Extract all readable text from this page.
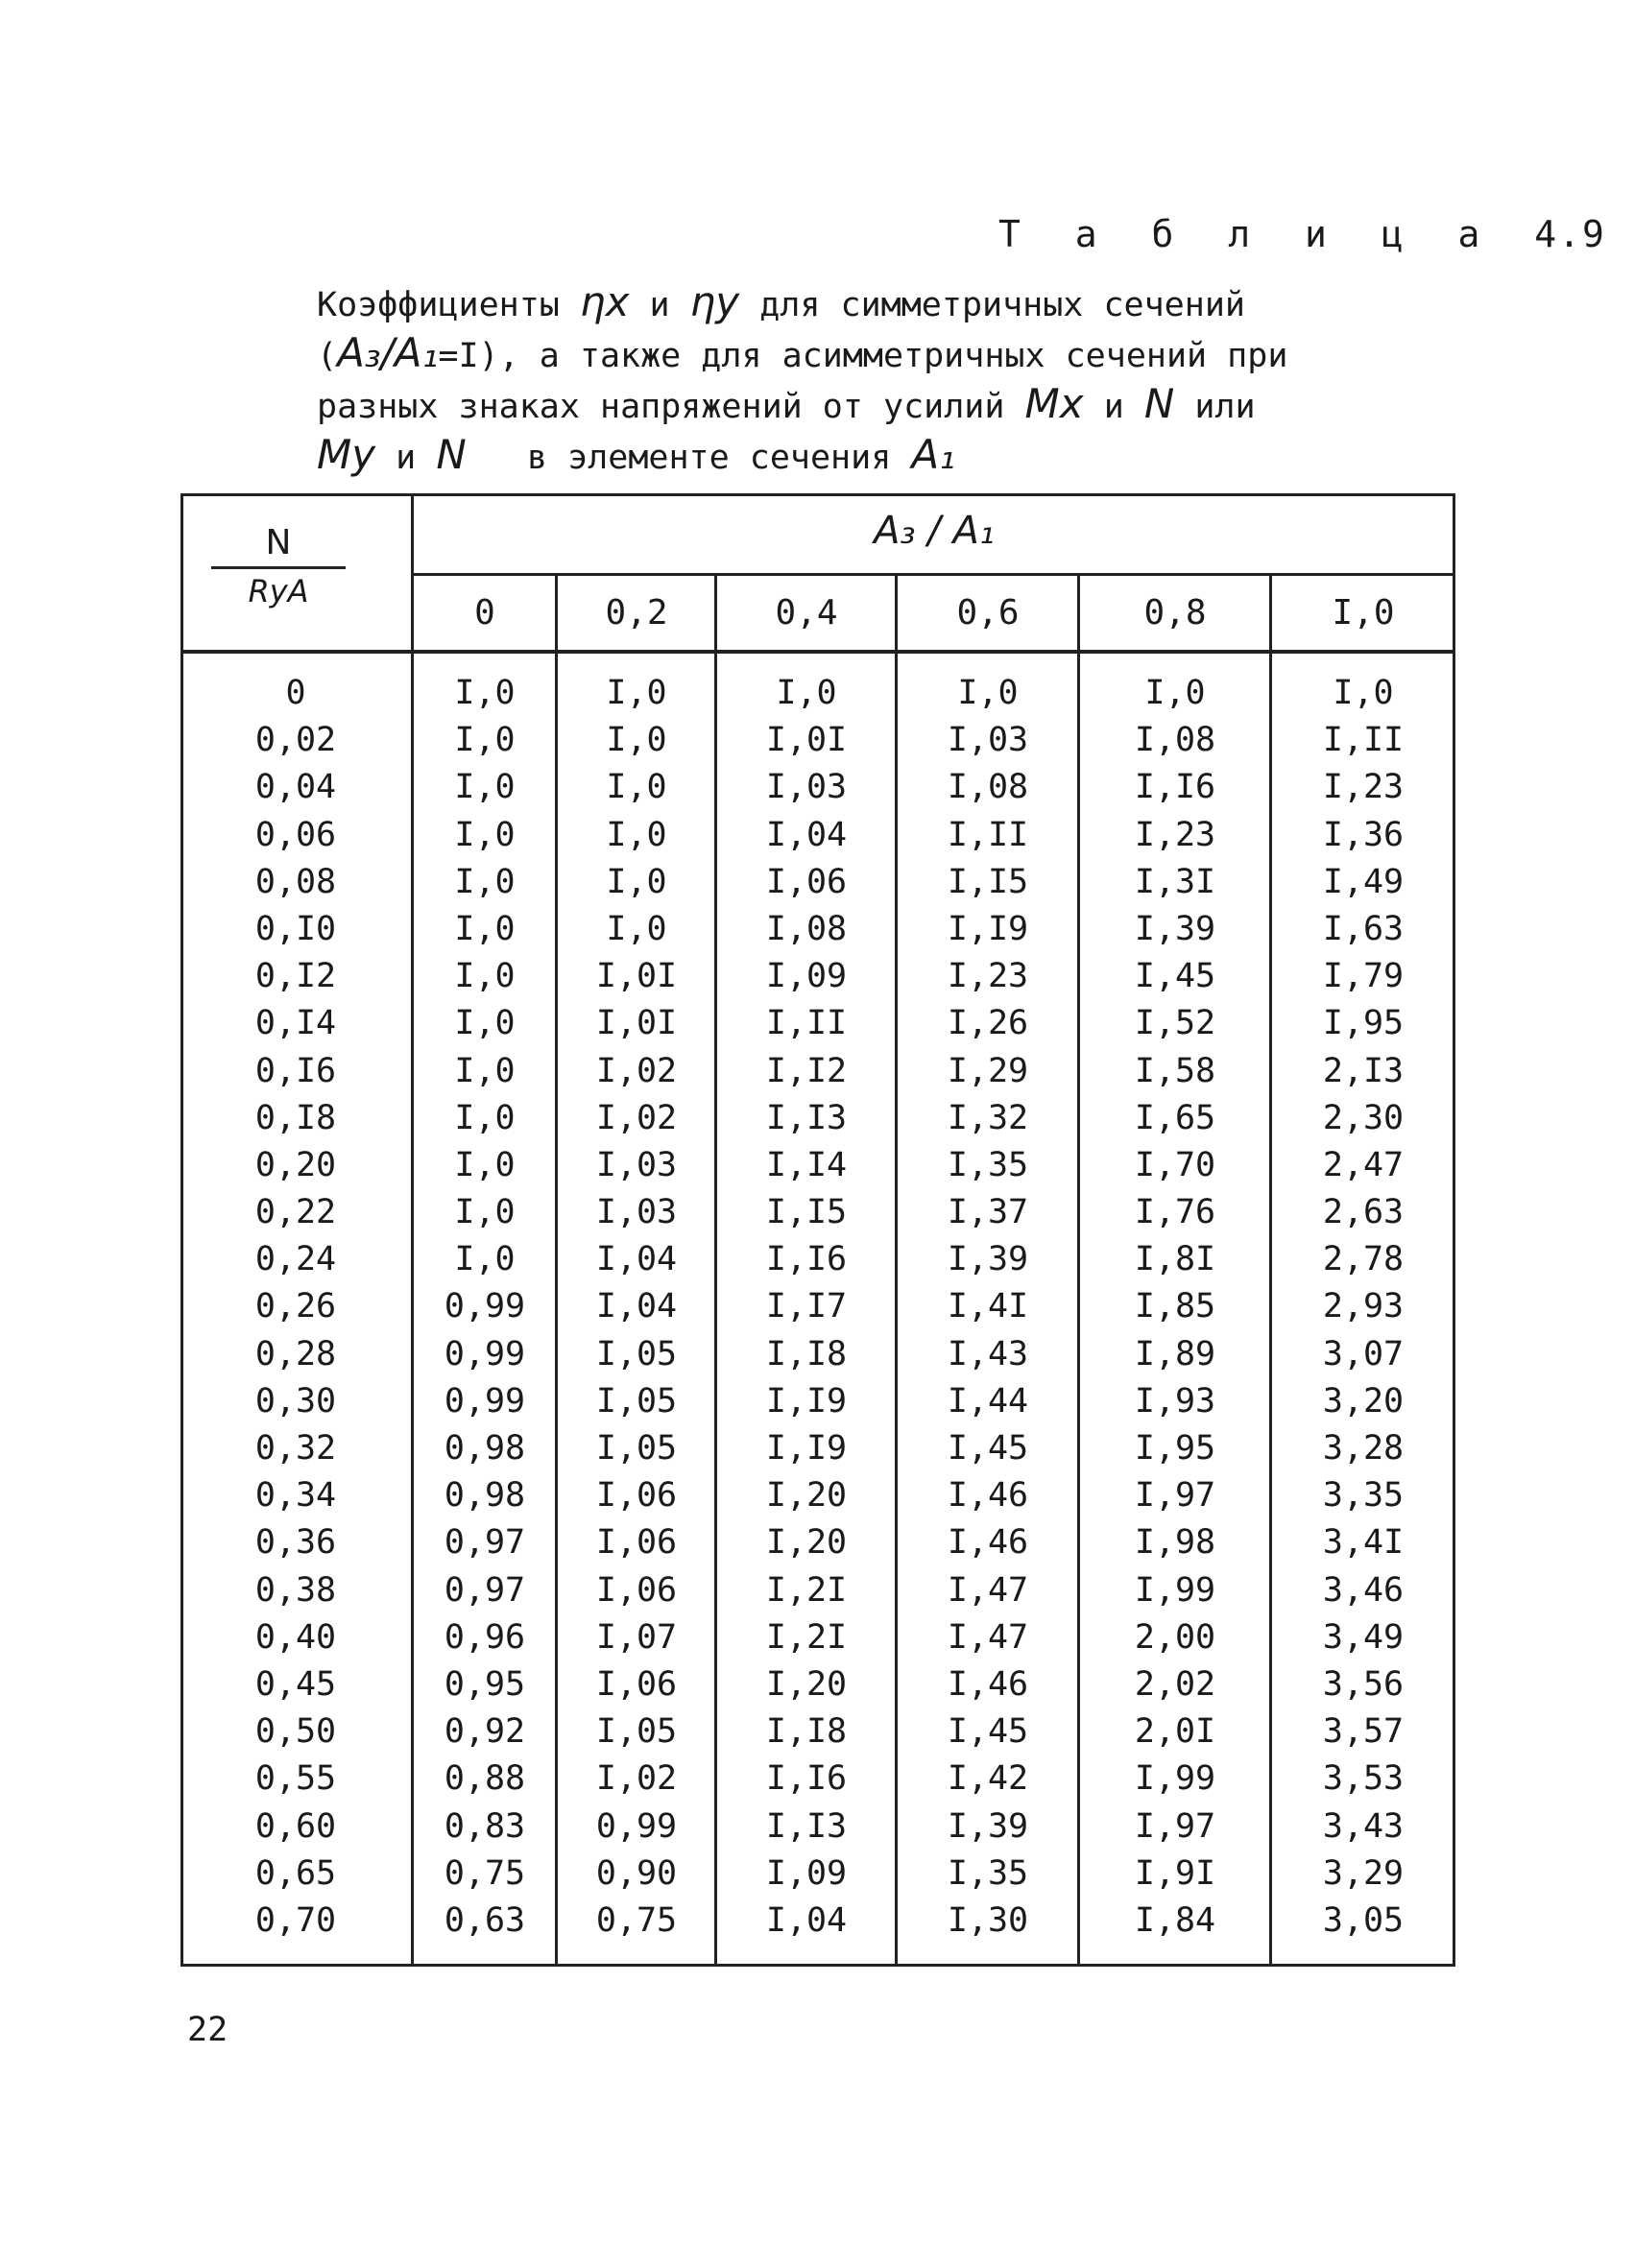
Т а б л и ц а 4.9
Коэффициенты ηx и ηy для симметричных сечений
(A₃/A₁=I), а также для асимметричных сечений при
разных знаках напряжений от усилий Mx и N или
My и N в элементе сечения A₁
N
RyA
A₃ / A₁
0	0,2	0,4	0,6	0,8	I,0
0	I,0	I,0	I,0	I,0	I,0	I,0
0,02	I,0	I,0	I,0I	I,03	I,08	I,II
0,04	I,0	I,0	I,03	I,08	I,I6	I,23
0,06	I,0	I,0	I,04	I,II	I,23	I,36
0,08	I,0	I,0	I,06	I,I5	I,3I	I,49
0,I0	I,0	I,0	I,08	I,I9	I,39	I,63
0,I2	I,0	I,0I	I,09	I,23	I,45	I,79
0,I4	I,0	I,0I	I,II	I,26	I,52	I,95
0,I6	I,0	I,02	I,I2	I,29	I,58	2,I3
0,I8	I,0	I,02	I,I3	I,32	I,65	2,30
0,20	I,0	I,03	I,I4	I,35	I,70	2,47
0,22	I,0	I,03	I,I5	I,37	I,76	2,63
0,24	I,0	I,04	I,I6	I,39	I,8I	2,78
0,26	0,99	I,04	I,I7	I,4I	I,85	2,93
0,28	0,99	I,05	I,I8	I,43	I,89	3,07
0,30	0,99	I,05	I,I9	I,44	I,93	3,20
0,32	0,98	I,05	I,I9	I,45	I,95	3,28
0,34	0,98	I,06	I,20	I,46	I,97	3,35
0,36	0,97	I,06	I,20	I,46	I,98	3,4I
0,38	0,97	I,06	I,2I	I,47	I,99	3,46
0,40	0,96	I,07	I,2I	I,47	2,00	3,49
0,45	0,95	I,06	I,20	I,46	2,02	3,56
0,50	0,92	I,05	I,I8	I,45	2,0I	3,57
0,55	0,88	I,02	I,I6	I,42	I,99	3,53
0,60	0,83	0,99	I,I3	I,39	I,97	3,43
0,65	0,75	0,90	I,09	I,35	I,9I	3,29
0,70	0,63	0,75	I,04	I,30	I,84	3,05
22
